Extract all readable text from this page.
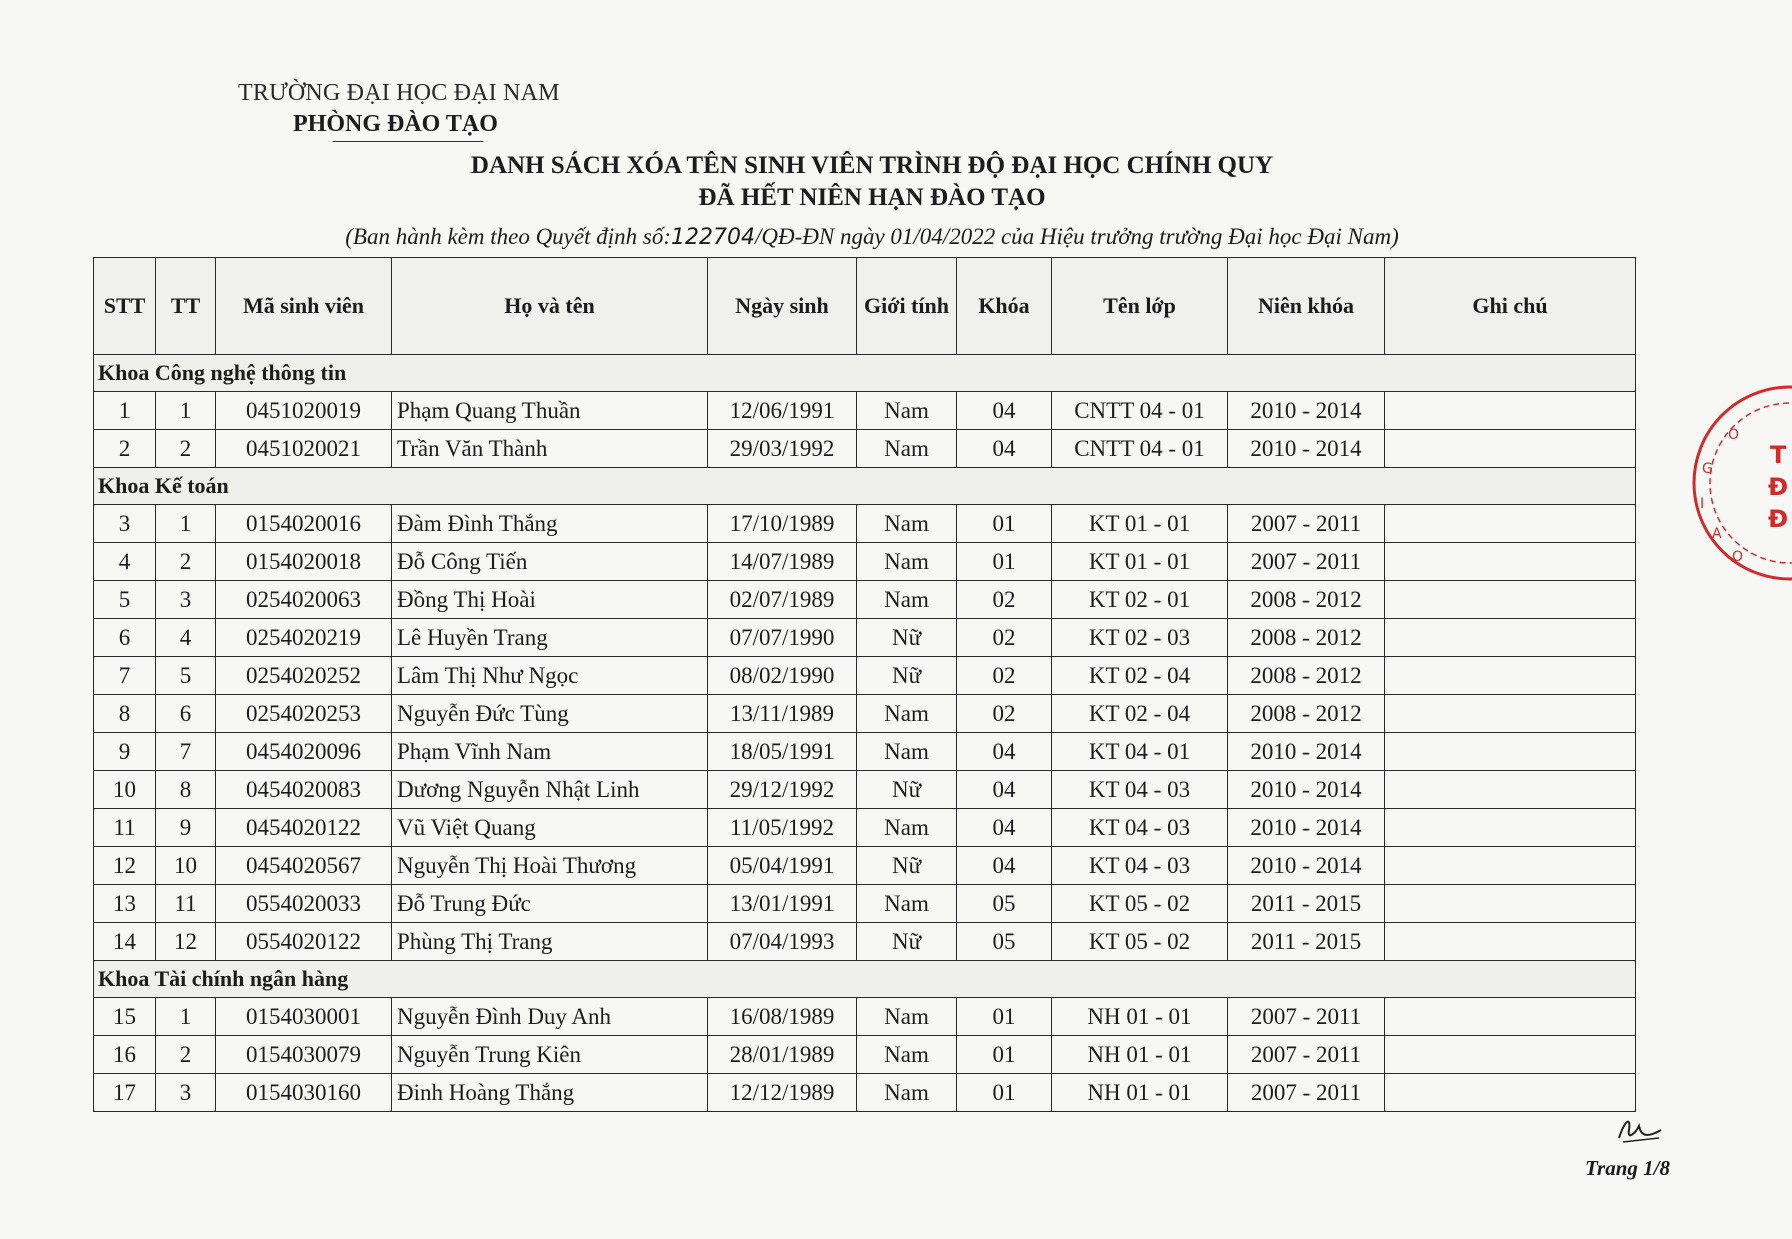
TRƯỜNG ĐẠI HỌC ĐẠI NAM
PHÒNG ĐÀO TẠO
DANH SÁCH XÓA TÊN SINH VIÊN TRÌNH ĐỘ ĐẠI HỌC CHÍNH QUY
ĐÃ HẾT NIÊN HẠN ĐÀO TẠO
(Ban hành kèm theo Quyết định số:122704/QĐ-ĐN ngày 01/04/2022 của Hiệu trưởng trường Đại học Đại Nam)
STT	TT	Mã sinh viên	Họ và tên	Ngày sinh	Giới tính	Khóa	Tên lớp	Niên khóa	Ghi chú
Khoa Công nghệ thông tin									
1	1	0451020019	Phạm Quang Thuần	12/06/1991	Nam	04	CNTT 04 - 01	2010 - 2014	
2	2	0451020021	Trần Văn Thành	29/03/1992	Nam	04	CNTT 04 - 01	2010 - 2014	
Khoa Kế toán									
3	1	0154020016	Đàm Đình Thắng	17/10/1989	Nam	01	KT 01 - 01	2007 - 2011	
4	2	0154020018	Đỗ Công Tiến	14/07/1989	Nam	01	KT 01 - 01	2007 - 2011	
5	3	0254020063	Đồng Thị Hoài	02/07/1989	Nam	02	KT 02 - 01	2008 - 2012	
6	4	0254020219	Lê Huyền Trang	07/07/1990	Nữ	02	KT 02 - 03	2008 - 2012	
7	5	0254020252	Lâm Thị Như Ngọc	08/02/1990	Nữ	02	KT 02 - 04	2008 - 2012	
8	6	0254020253	Nguyễn Đức Tùng	13/11/1989	Nam	02	KT 02 - 04	2008 - 2012	
9	7	0454020096	Phạm Vĩnh Nam	18/05/1991	Nam	04	KT 04 - 01	2010 - 2014	
10	8	0454020083	Dương Nguyễn Nhật Linh	29/12/1992	Nữ	04	KT 04 - 03	2010 - 2014	
11	9	0454020122	Vũ Việt Quang	11/05/1992	Nam	04	KT 04 - 03	2010 - 2014	
12	10	0454020567	Nguyễn Thị Hoài Thương	05/04/1991	Nữ	04	KT 04 - 03	2010 - 2014	
13	11	0554020033	Đỗ Trung Đức	13/01/1991	Nam	05	KT 05 - 02	2011 - 2015	
14	12	0554020122	Phùng Thị Trang	07/04/1993	Nữ	05	KT 05 - 02	2011 - 2015	
Khoa Tài chính ngân hàng									
15	1	0154030001	Nguyễn Đình Duy Anh	16/08/1989	Nam	01	NH 01 - 01	2007 - 2011	
16	2	0154030079	Nguyễn Trung Kiên	28/01/1989	Nam	01	NH 01 - 01	2007 - 2011	
17	3	0154030160	Đinh Hoàng Thắng	12/12/1989	Nam	01	NH 01 - 01	2007 - 2011	
Trang 1/8
O
G
I
A
O
T
Đ
Đ
